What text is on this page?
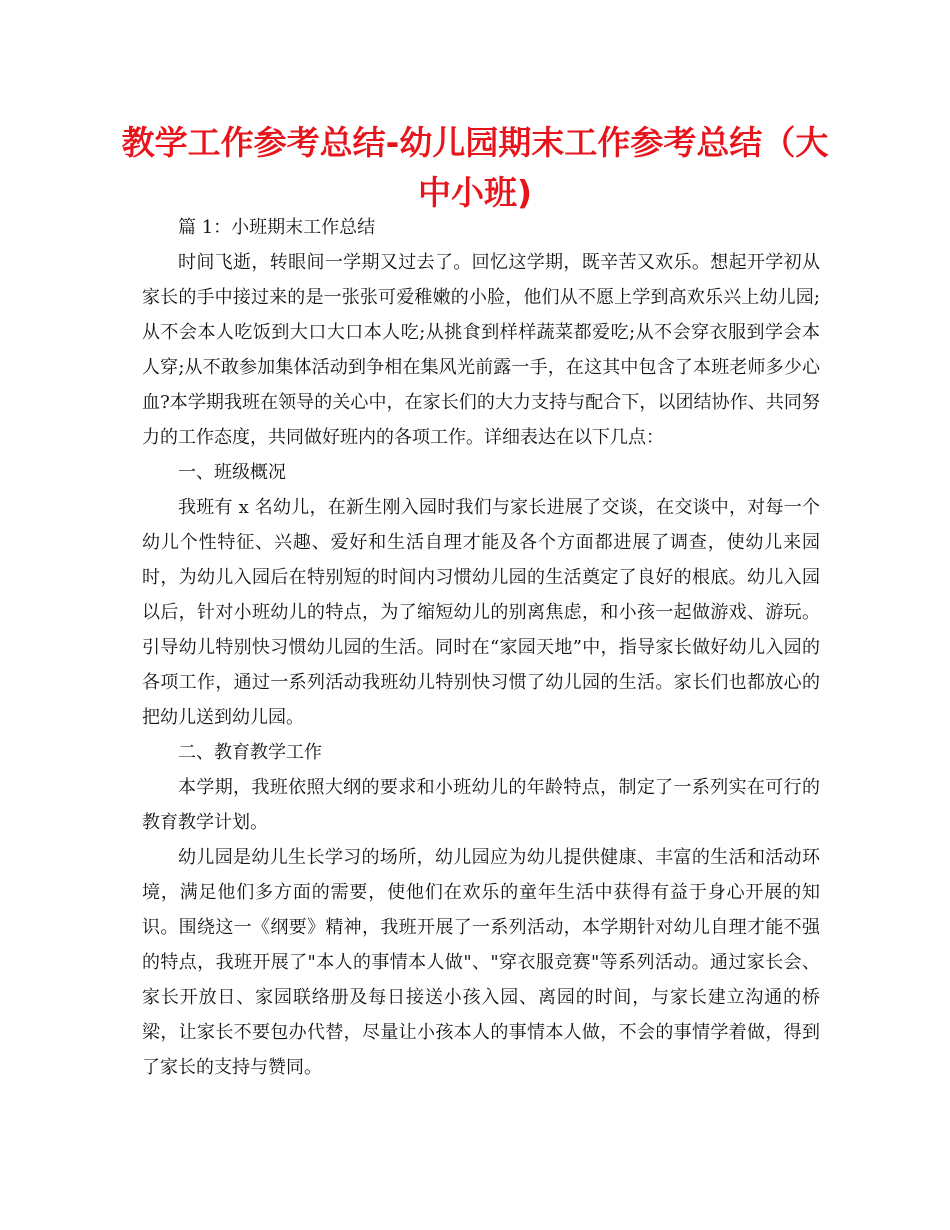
教学工作参考总结-幼儿园期末工作参考总结（大中小班)

篇 1：小班期末工作总结

时间飞逝，转眼间一学期又过去了。回忆这学期，既辛苦又欢乐。想起开学初从家长的手中接过来的是一张张可爱稚嫩的小脸，他们从不愿上学到高欢乐兴上幼儿园;从不会本人吃饭到大口大口本人吃;从挑食到样样蔬菜都爱吃;从不会穿衣服到学会本人穿;从不敢参加集体活动到争相在集风光前露一手，在这其中包含了本班老师多少心血?本学期我班在领导的关心中，在家长们的大力支持与配合下，以团结协作、共同努力的工作态度，共同做好班内的各项工作。详细表达在以下几点：

一、班级概况

我班有 x 名幼儿，在新生刚入园时我们与家长进展了交谈，在交谈中，对每一个幼儿个性特征、兴趣、爱好和生活自理才能及各个方面都进展了调查，使幼儿来园时，为幼儿入园后在特别短的时间内习惯幼儿园的生活奠定了良好的根底。幼儿入园以后，针对小班幼儿的特点，为了缩短幼儿的别离焦虑，和小孩一起做游戏、游玩。引导幼儿特别快习惯幼儿园的生活。同时在“家园天地”中，指导家长做好幼儿入园的各项工作，通过一系列活动我班幼儿特别快习惯了幼儿园的生活。家长们也都放心的把幼儿送到幼儿园。

二、教育教学工作

本学期，我班依照大纲的要求和小班幼儿的年龄特点，制定了一系列实在可行的教育教学计划。

幼儿园是幼儿生长学习的场所，幼儿园应为幼儿提供健康、丰富的生活和活动环境，满足他们多方面的需要，使他们在欢乐的童年生活中获得有益于身心开展的知识。围绕这一《纲要》精神，我班开展了一系列活动，本学期针对幼儿自理才能不强的特点，我班开展了"本人的事情本人做"、"穿衣服竞赛"等系列活动。通过家长会、家长开放日、家园联络册及每日接送小孩入园、离园的时间，与家长建立沟通的桥梁，让家长不要包办代替，尽量让小孩本人的事情本人做，不会的事情学着做，得到了家长的支持与赞同。
